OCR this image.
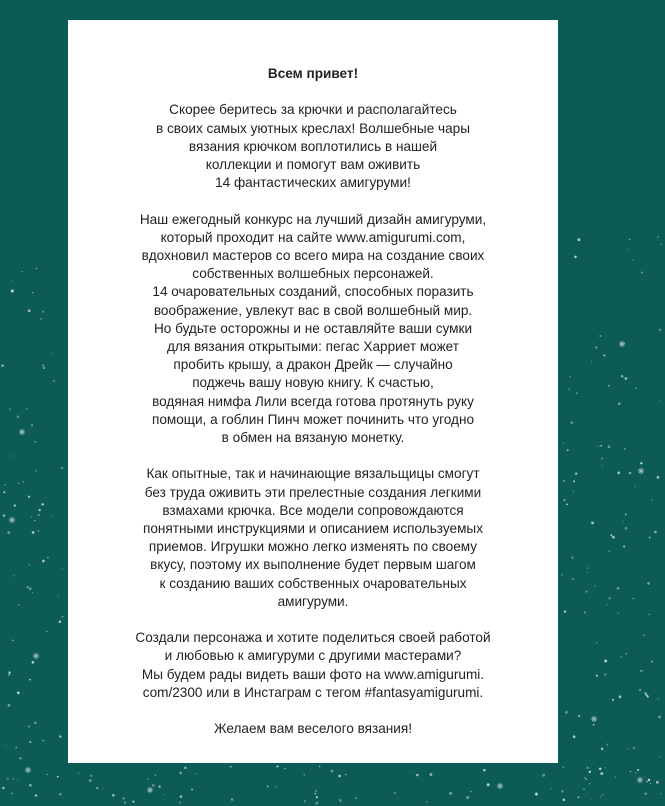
Всем привет!
Скорее беритесь за крючки и располагайтесь
в своих самых уютных креслах! Волшебные чары
вязания крючком воплотились в нашей
коллекции и помогут вам оживить
14 фантастических амигуруми!
Наш ежегодный конкурс на лучший дизайн амигуруми,
который проходит на сайте www.amigurumi.com,
вдохновил мастеров со всего мира на создание своих
собственных волшебных персонажей.
14 очаровательных созданий, способных поразить
воображение, увлекут вас в свой волшебный мир.
Но будьте осторожны и не оставляйте ваши сумки
для вязания открытыми: пегас Харриет может
пробить крышу, а дракон Дрейк — случайно
поджечь вашу новую книгу. К счастью,
водяная нимфа Лили всегда готова протянуть руку
помощи, а гоблин Пинч может починить что угодно
в обмен на вязаную монетку.
Как опытные, так и начинающие вязальщицы смогут
без труда оживить эти прелестные создания легкими
взмахами крючка. Все модели сопровождаются
понятными инструкциями и описанием используемых
приемов. Игрушки можно легко изменять по своему
вкусу, поэтому их выполнение будет первым шагом
к созданию ваших собственных очаровательных
амигуруми.
Создали персонажа и хотите поделиться своей работой
и любовью к амигуруми с другими мастерами?
Мы будем рады видеть ваши фото на www.amigurumi.
com/2300 или в Инстаграм с тегом #fantasyamigurumi.
Желаем вам веселого вязания!
